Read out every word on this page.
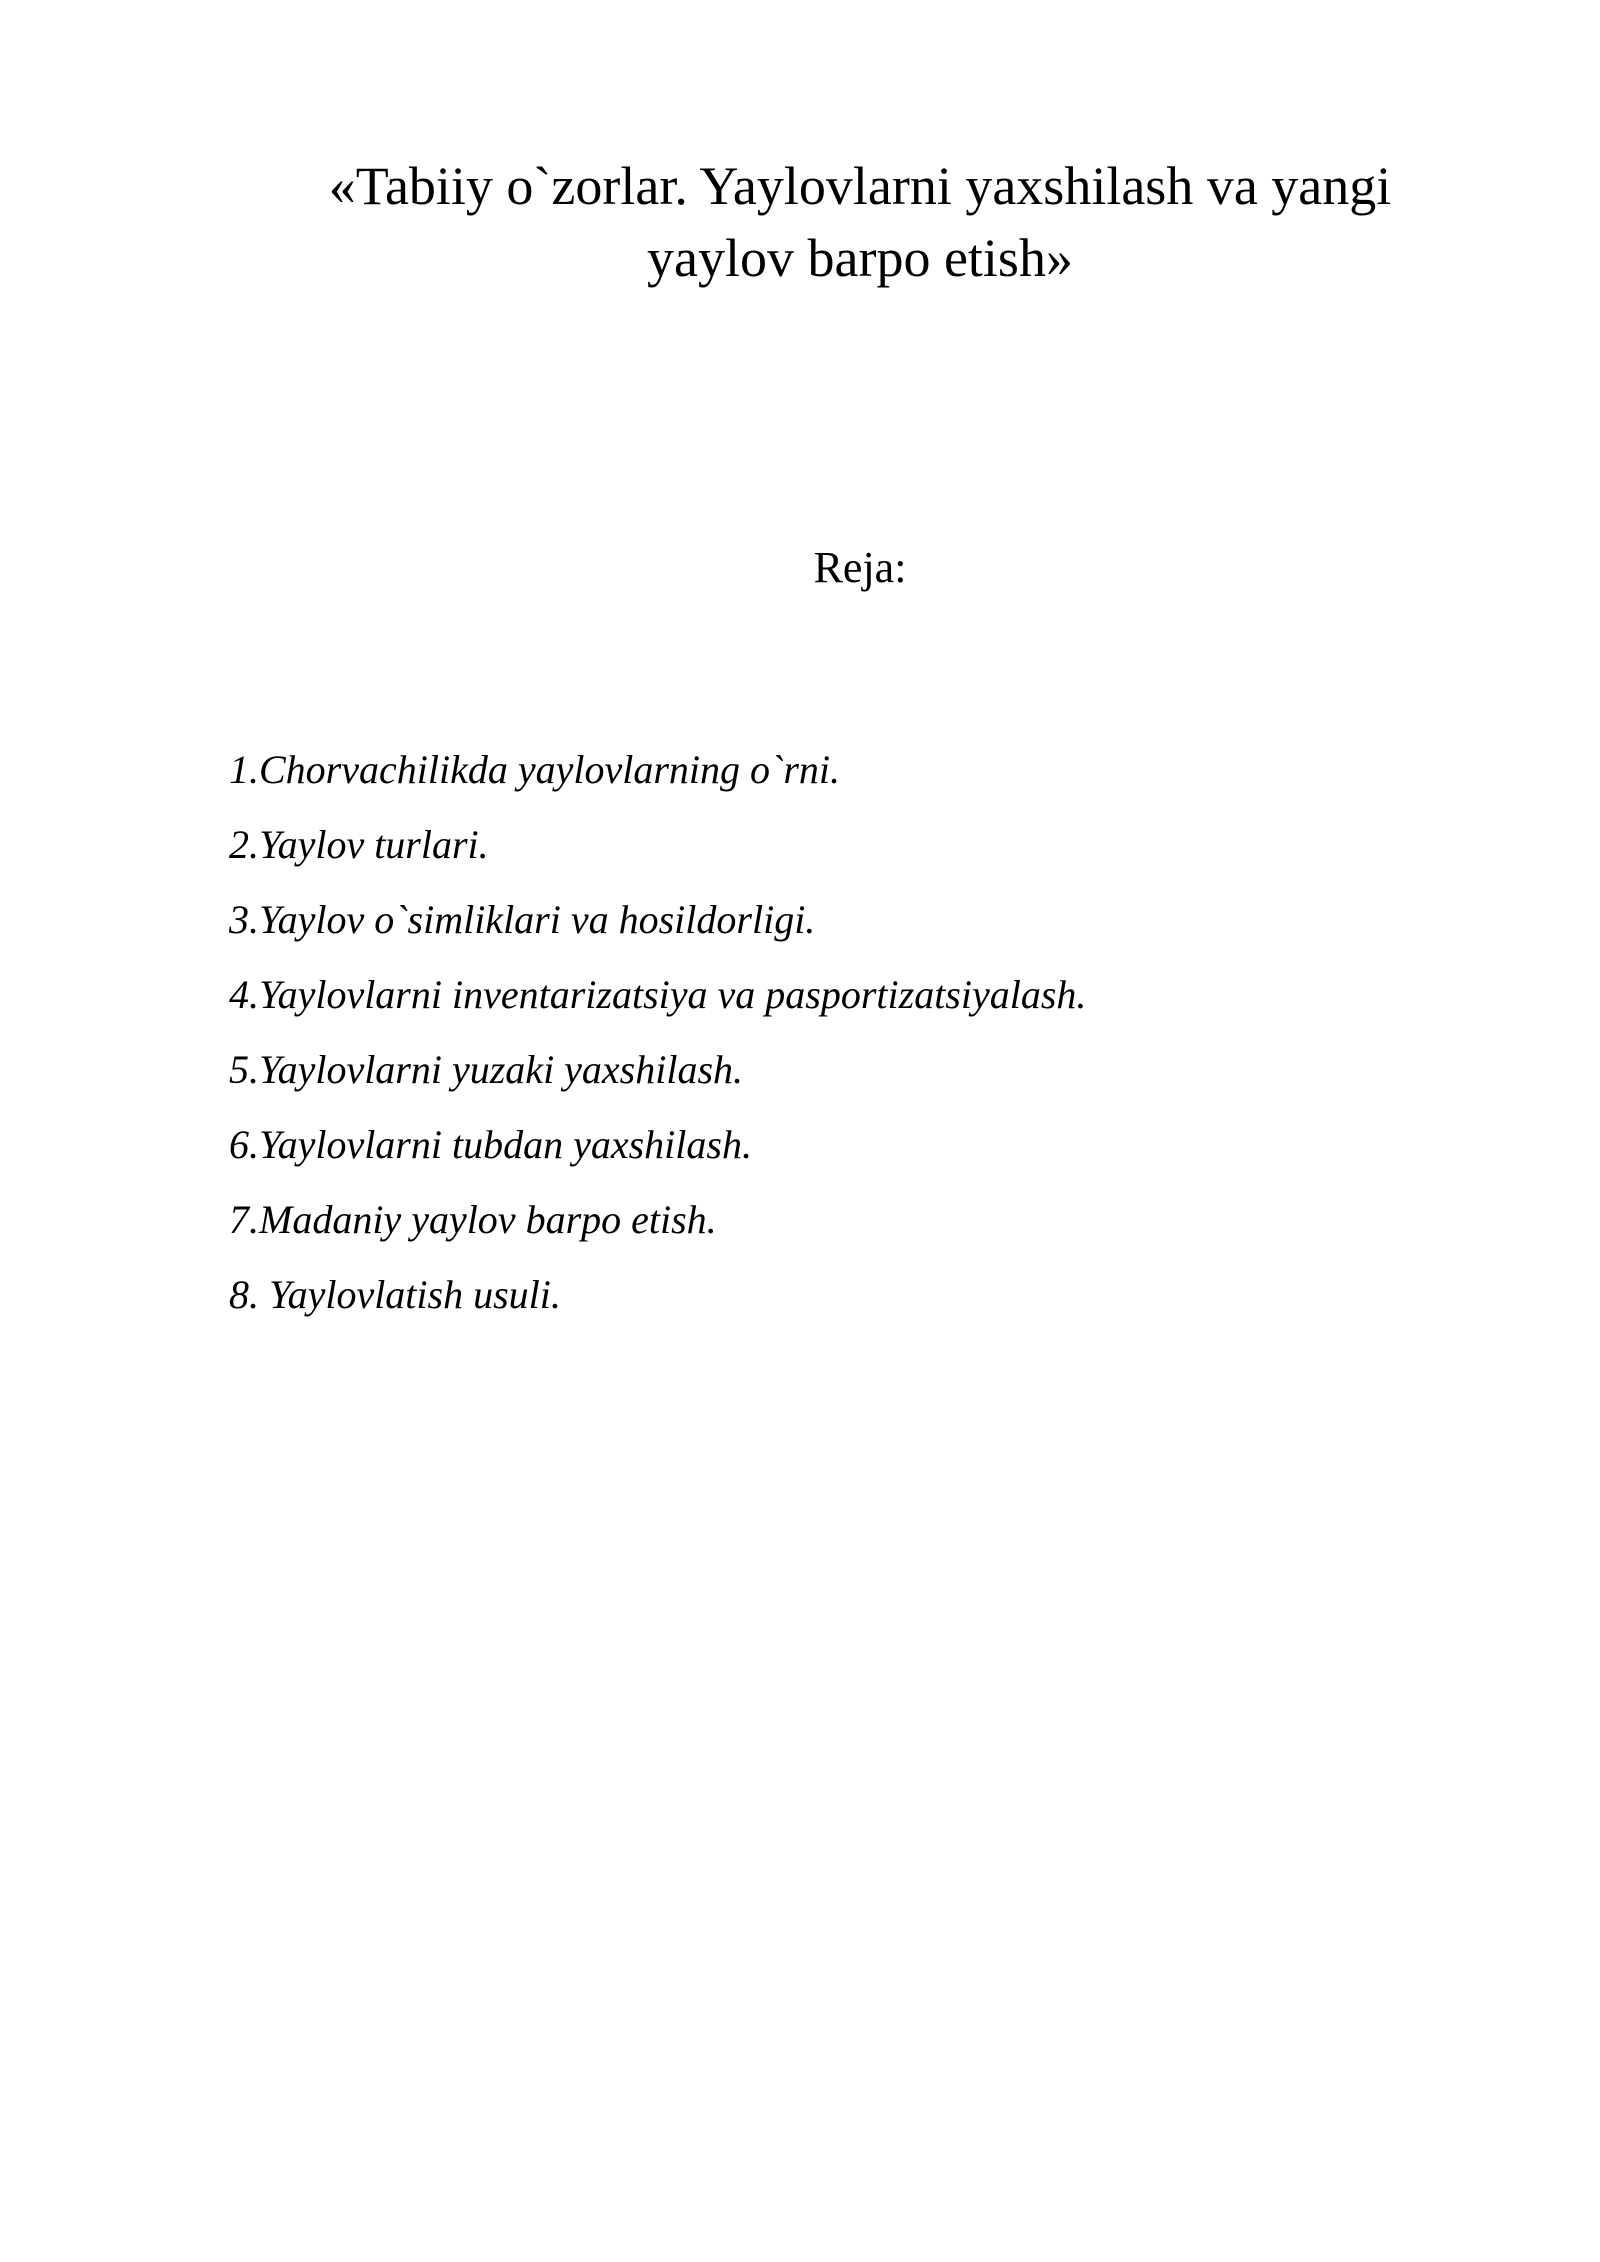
«Tabiiy o`zorlar. Yaylovlarni yaxshilash va yangi
yaylov barpo etish»

Reja:

1.Chorvachilikda yaylovlarning o`rni.
2.Yaylov turlari.
3.Yaylov o`simliklari va hosildorligi.
4.Yaylovlarni inventarizatsiya va pasportizatsiyalash.
5.Yaylovlarni yuzaki yaxshilash.
6.Yaylovlarni tubdan yaxshilash.
7.Madaniy yaylov barpo etish.
8. Yaylovlatish usuli.
